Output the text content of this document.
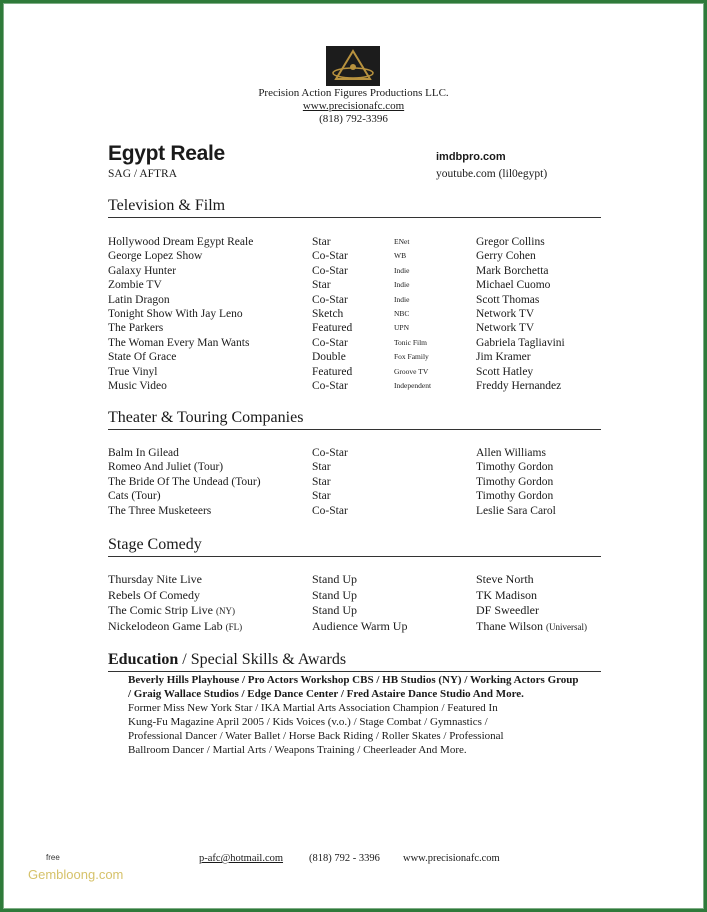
Precision Action Figures Productions LLC.
www.precisionafc.com
(818) 792-3396
Egypt Reale
SAG / AFTRA
imdbpro.com
youtube.com (lil0egypt)
Television & Film
Hollywood Dream Egypt Reale	Star	ENet	Gregor Collins
George Lopez Show	Co-Star	WB	Gerry Cohen
Galaxy Hunter	Co-Star	Indie	Mark Borchetta
Zombie TV	Star	Indie	Michael Cuomo
Latin Dragon	Co-Star	Indie	Scott Thomas
Tonight Show With Jay Leno	Sketch	NBC	Network TV
The Parkers	Featured	UPN	Network TV
The Woman Every Man Wants	Co-Star	Tonic Film	Gabriela Tagliavini
State Of Grace	Double	Fox Family	Jim Kramer
True Vinyl	Featured	Groove TV	Scott Hatley
Music Video	Co-Star	Independent	Freddy Hernandez
Theater & Touring Companies
Balm In Gilead	Co-Star	Allen Williams
Romeo And Juliet (Tour)	Star	Timothy Gordon
The Bride Of The Undead (Tour)	Star	Timothy Gordon
Cats (Tour)	Star	Timothy Gordon
The Three Musketeers	Co-Star	Leslie Sara Carol
Stage Comedy
Thursday Nite Live	Stand Up	Steve North
Rebels Of Comedy	Stand Up	TK Madison
The Comic Strip Live (NY)	Stand Up	DF Sweedler
Nickelodeon Game Lab (FL)	Audience Warm Up	Thane Wilson (Universal)
Education / Special Skills & Awards
Beverly Hills Playhouse / Pro Actors Workshop CBS / HB Studios (NY) / Working Actors Group
/ Graig Wallace Studios / Edge Dance Center / Fred Astaire Dance Studio And More.
Former Miss New York Star / IKA Martial Arts Association Champion / Featured In
Kung-Fu Magazine April 2005 / Kids Voices (v.o.) / Stage Combat / Gymnastics /
Professional Dancer / Water Ballet / Horse Back Riding / Roller Skates / Professional
Ballroom Dancer / Martial Arts / Weapons Training / Cheerleader And More.
p-afc@hotmail.com (818) 792 - 3396 www.precisionafc.com
free
Gembloong.com
